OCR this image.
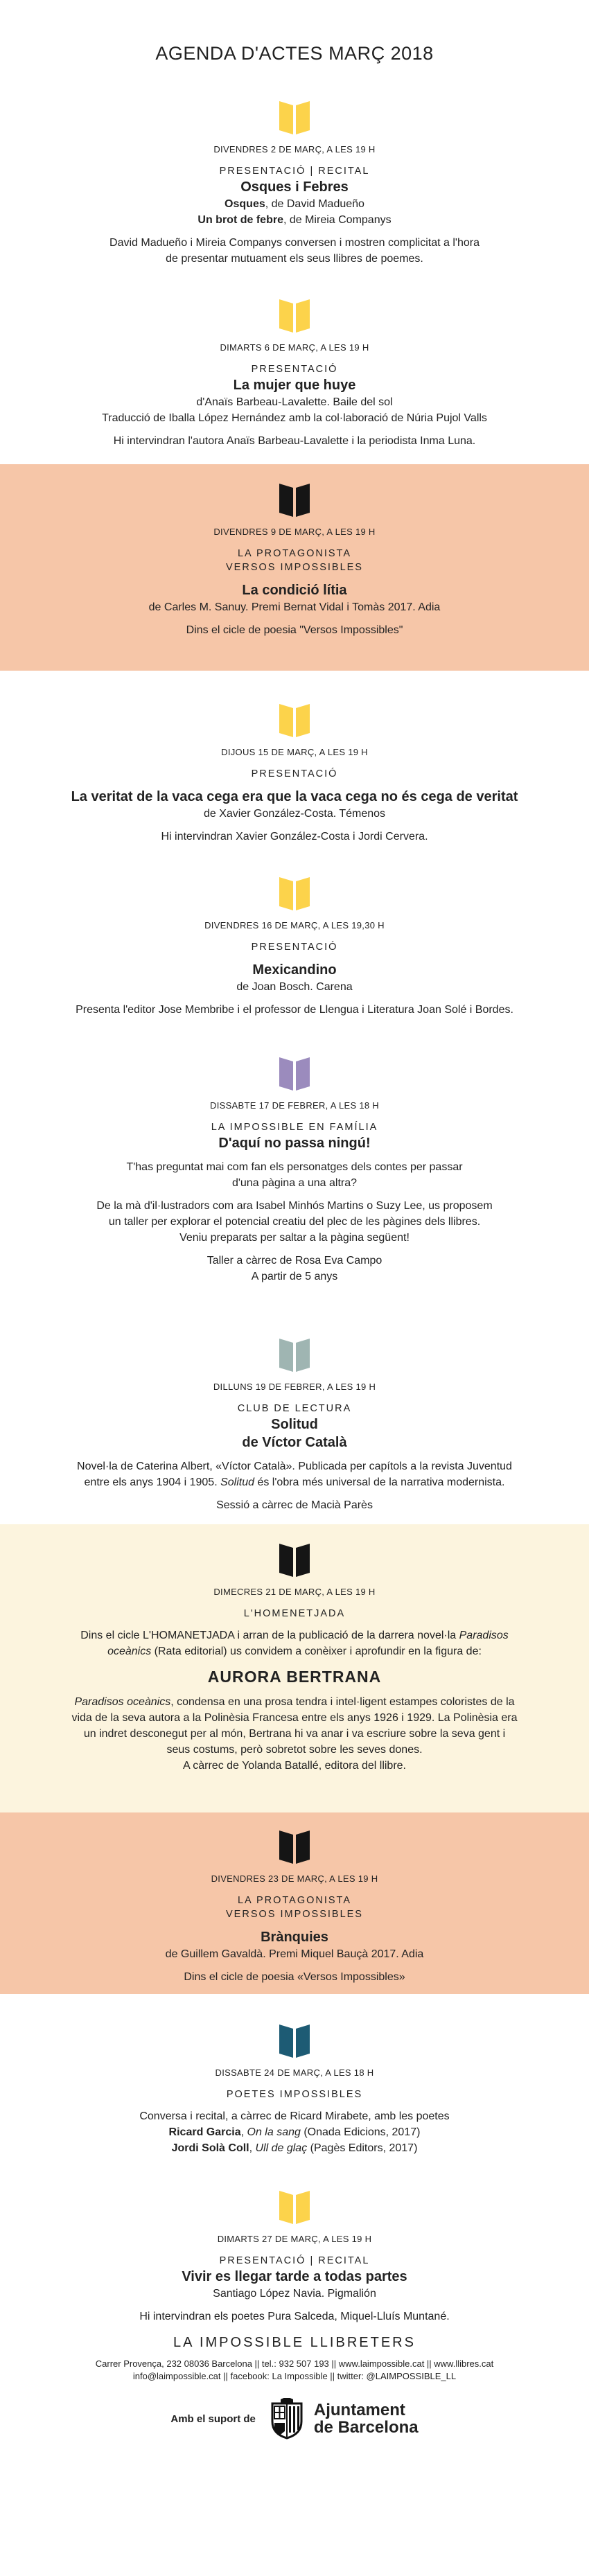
AGENDA D'ACTES MARÇ 2018
DIVENDRES 2 DE MARÇ, A LES 19 H
PRESENTACIÓ | RECITAL
Osques i Febres
Osques, de David Madueño
Un brot de febre, de Mireia Companys
David Madueño i Mireia Companys conversen i mostren complicitat a l'hora
de presentar mutuament els seus llibres de poemes.
DIMARTS 6 DE MARÇ, A LES 19 H
PRESENTACIÓ
La mujer que huye
d'Anaïs Barbeau-Lavalette. Baile del sol
Traducció de Iballa López Hernández amb la col·laboració de Núria Pujol Valls
Hi intervindran l'autora Anaïs Barbeau-Lavalette i la periodista Inma Luna.
DIVENDRES 9 DE MARÇ, A LES 19 H
LA PROTAGONISTA
VERSOS IMPOSSIBLES
La condició lítia
de Carles M. Sanuy. Premi Bernat Vidal i Tomàs 2017. Adia
Dins el cicle de poesia "Versos Impossibles"
DIJOUS 15 DE MARÇ, A LES 19 H
PRESENTACIÓ
La veritat de la vaca cega era que la vaca cega no és cega de veritat
de Xavier González-Costa. Témenos
Hi intervindran Xavier González-Costa i Jordi Cervera.
DIVENDRES 16 DE MARÇ, A LES 19,30 H
PRESENTACIÓ
Mexicandino
de Joan Bosch. Carena
Presenta l'editor Jose Membribe i el professor de Llengua i Literatura Joan Solé i Bordes.
DISSABTE 17 DE FEBRER, A LES 18 H
LA IMPOSSIBLE EN FAMÍLIA
D'aquí no passa ningú!
T'has preguntat mai com fan els personatges dels contes per passar
d'una pàgina a una altra?
De la mà d'il·lustradors com ara Isabel Minhós Martins o Suzy Lee, us proposem
un taller per explorar el potencial creatiu del plec de les pàgines dels llibres.
Veniu preparats per saltar a la pàgina següent!
Taller a càrrec de Rosa Eva Campo
A partir de 5 anys
DILLUNS 19 DE FEBRER, A LES 19 H
CLUB DE LECTURA
Solitud
de Víctor Català
Novel·la de Caterina Albert, «Víctor Català». Publicada per capítols a la revista Juventud
entre els anys 1904 i 1905. Solitud és l'obra més universal de la narrativa modernista.
Sessió a càrrec de Macià Parès
DIMECRES 21 DE MARÇ, A LES 19 H
L'HOMENETJADA
Dins el cicle L'HOMANETJADA i arran de la publicació de la darrera novel·la Paradisos
oceànics (Rata editorial) us convidem a conèixer i aprofundir en la figura de:
AURORA BERTRANA
Paradisos oceànics, condensa en una prosa tendra i intel·ligent estampes coloristes de la
vida de la seva autora a la Polinèsia Francesa entre els anys 1926 i 1929. La Polinèsia era
un indret desconegut per al món, Bertrana hi va anar i va escriure sobre la seva gent i
seus costums, però sobretot sobre les seves dones.
A càrrec de Yolanda Batallé, editora del llibre.
DIVENDRES 23 DE MARÇ, A LES 19 H
LA PROTAGONISTA
VERSOS IMPOSSIBLES
Brànquies
de Guillem Gavaldà. Premi Miquel Bauçà 2017. Adia
Dins el cicle de poesia «Versos Impossibles»
DISSABTE 24 DE MARÇ, A LES 18 H
POETES IMPOSSIBLES
Conversa i recital, a càrrec de Ricard Mirabete, amb les poetes
Ricard Garcia, On la sang (Onada Edicions, 2017)
Jordi Solà Coll, Ull de glaç (Pagès Editors, 2017)
DIMARTS 27 DE MARÇ, A LES 19 H
PRESENTACIÓ | RECITAL
Vivir es llegar tarde a todas partes
Santiago López Navia. Pigmalión
Hi intervindran els poetes Pura Salceda, Miquel-Lluís Muntané.
LA IMPOSSIBLE LLIBRETERS
Carrer Provença, 232 08036 Barcelona || tel.: 932 507 193 || www.laimpossible.cat || www.llibres.cat
info@laimpossible.cat || facebook: La Impossible || twitter: @LAIMPOSSIBLE_LL
Amb el suport de	Ajuntament
de Barcelona
